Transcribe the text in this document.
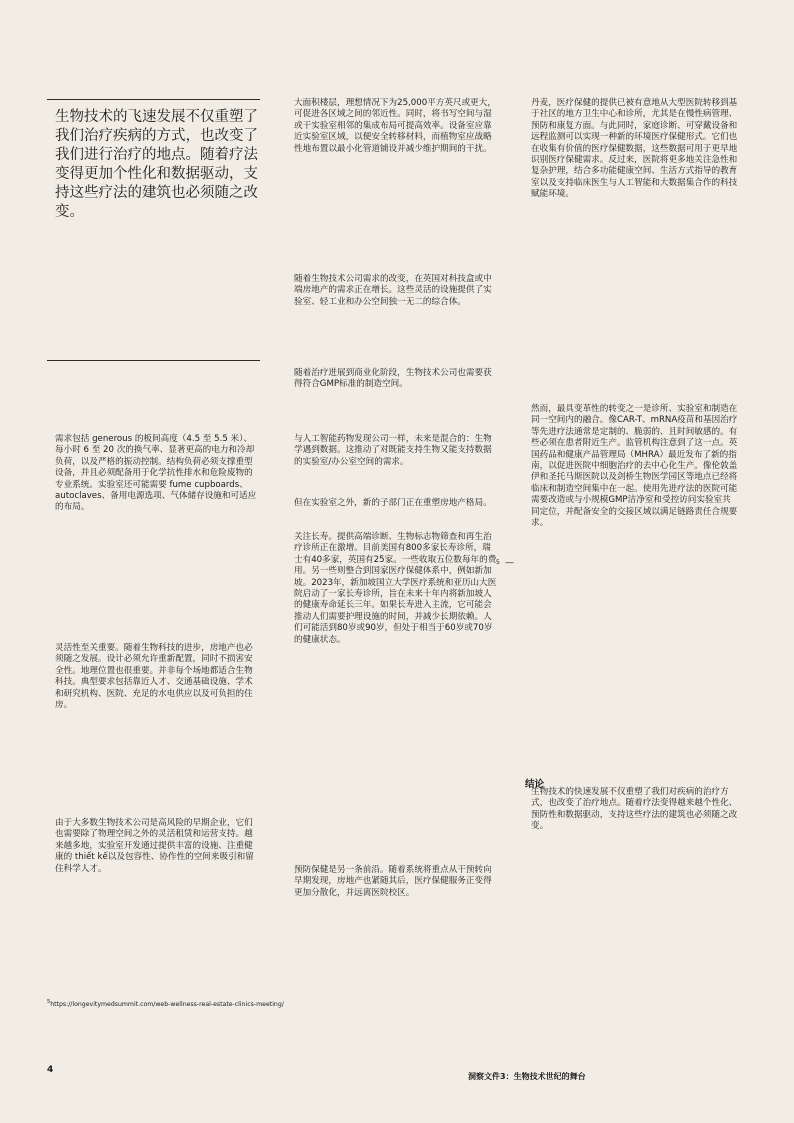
生物技术的飞速发展不仅重塑了我们治疗疾病的方式，也改变了我们进行治疗的地点。随着疗法变得更加个性化和数据驱动，支持这些疗法的建筑也必须随之改变。

需求包括 generous 的板间高度（4.5 至 5.5 米）、每小时 6 至 20 次的换气率、显著更高的电力和冷却负荷，以及严格的振动控制。结构负荷必须支撑重型设备，并且必须配备用于化学抗性排水和危险废物的专业系统。实验室还可能需要 fume cupboards、autoclaves、备用电源选项、气体储存设施和可适应的布局。

灵活性至关重要。随着生物科技的进步，房地产也必须随之发展。设计必须允许重新配置，同时不损害安全性。地理位置也很重要。并非每个场地都适合生物科技。典型要求包括靠近人才、交通基础设施、学术和研究机构、医院、充足的水电供应以及可负担的住房。

由于大多数生物技术公司是高风险的早期企业，它们也需要除了物理空间之外的灵活租赁和运营支持。越来越多地，实验室开发通过提供丰富的设施、注重健康的 thiết kế以及包容性、协作性的空间来吸引和留住科学人才。

大面积楼层，理想情况下为25,000平方英尺或更大，可促进各区域之间的邻近性。同时，将书写空间与湿或干实验室相邻的集成布局可提高效率。设备室应靠近实验室区域，以便安全转移材料，而植物室应战略性地布置以最小化管道铺设并减少维护期间的干扰。

随着生物技术公司需求的改变，在英国对科技盒或中端房地产的需求正在增长。这些灵活的设施提供了实验室、轻工业和办公空间独一无二的综合体。

随着治疗进展到商业化阶段，生物技术公司也需要获得符合GMP标准的制造空间。

与人工智能药物发现公司一样，未来是混合的：生物学遇到数据。这推动了对既能支持生物又能支持数据的实验室/办公室空间的需求。

但在实验室之外，新的子部门正在重塑房地产格局。

关注长寿。提供高端诊断、生物标志物筛查和再生治疗诊所正在激增。目前美国有800多家长寿诊所，瑞士有40多家，英国有25家。一些收取五位数每年的费用。另一些则整合到国家医疗保健体系中，例如新加坡。2023年，新加坡国立大学医疗系统和亚历山大医院启动了一家长寿诊所，旨在未来十年内将新加坡人的健康寿命延长三年。如果长寿进入主流，它可能会推动人们需要护理设施的时间，并减少长期依赖。人们可能活到80岁或90岁，但处于相当于60岁或70岁的健康状态。

预防保健是另一条前沿。随着系统将重点从干预转向早期发现，房地产也紧随其后，医疗保健服务正变得更加分散化，并远离医院校区。

5 —

丹麦，医疗保健的提供已被有意地从大型医院转移到基于社区的地方卫生中心和诊所，尤其是在慢性病管理、预防和康复方面。与此同时，家庭诊断、可穿戴设备和远程监测可以实现一种新的环境医疗保健形式。它们也在收集有价值的医疗保健数据，这些数据可用于更早地识别医疗保健需求。反过来，医院将更多地关注急性和复杂护理，结合多功能健康空间、生活方式指导的教育室以及支持临床医生与人工智能和大数据集合作的科技赋能环境。

然而，最具变革性的转变之一是诊所、实验室和制造在同一空间内的融合。像CAR-T、mRNA疫苗和基因治疗等先进疗法通常是定制的、脆弱的、且时间敏感的。有些必须在患者附近生产。监管机构注意到了这一点。英国药品和健康产品管理局（MHRA）最近发布了新的指南，以促进医院中细胞治疗的去中心化生产。像伦敦盖伊和圣托马斯医院以及剑桥生物医学园区等地点已经将临床和制造空间集中在一起。使用先进疗法的医院可能需要改造或与小规模GMP洁净室和受控访问实验室共同定位，并配备安全的交接区域以满足链路责任合规要求。

结论

生物技术的快速发展不仅重塑了我们对疾病的治疗方式，也改变了治疗地点。随着疗法变得越来越个性化、预防性和数据驱动，支持这些疗法的建筑也必须随之改变。

$^5$https://longevitymedsummit.com/web-wellness-real-estate-clinics-meeting/
4
洞察文件3：生物技术世纪的舞台
